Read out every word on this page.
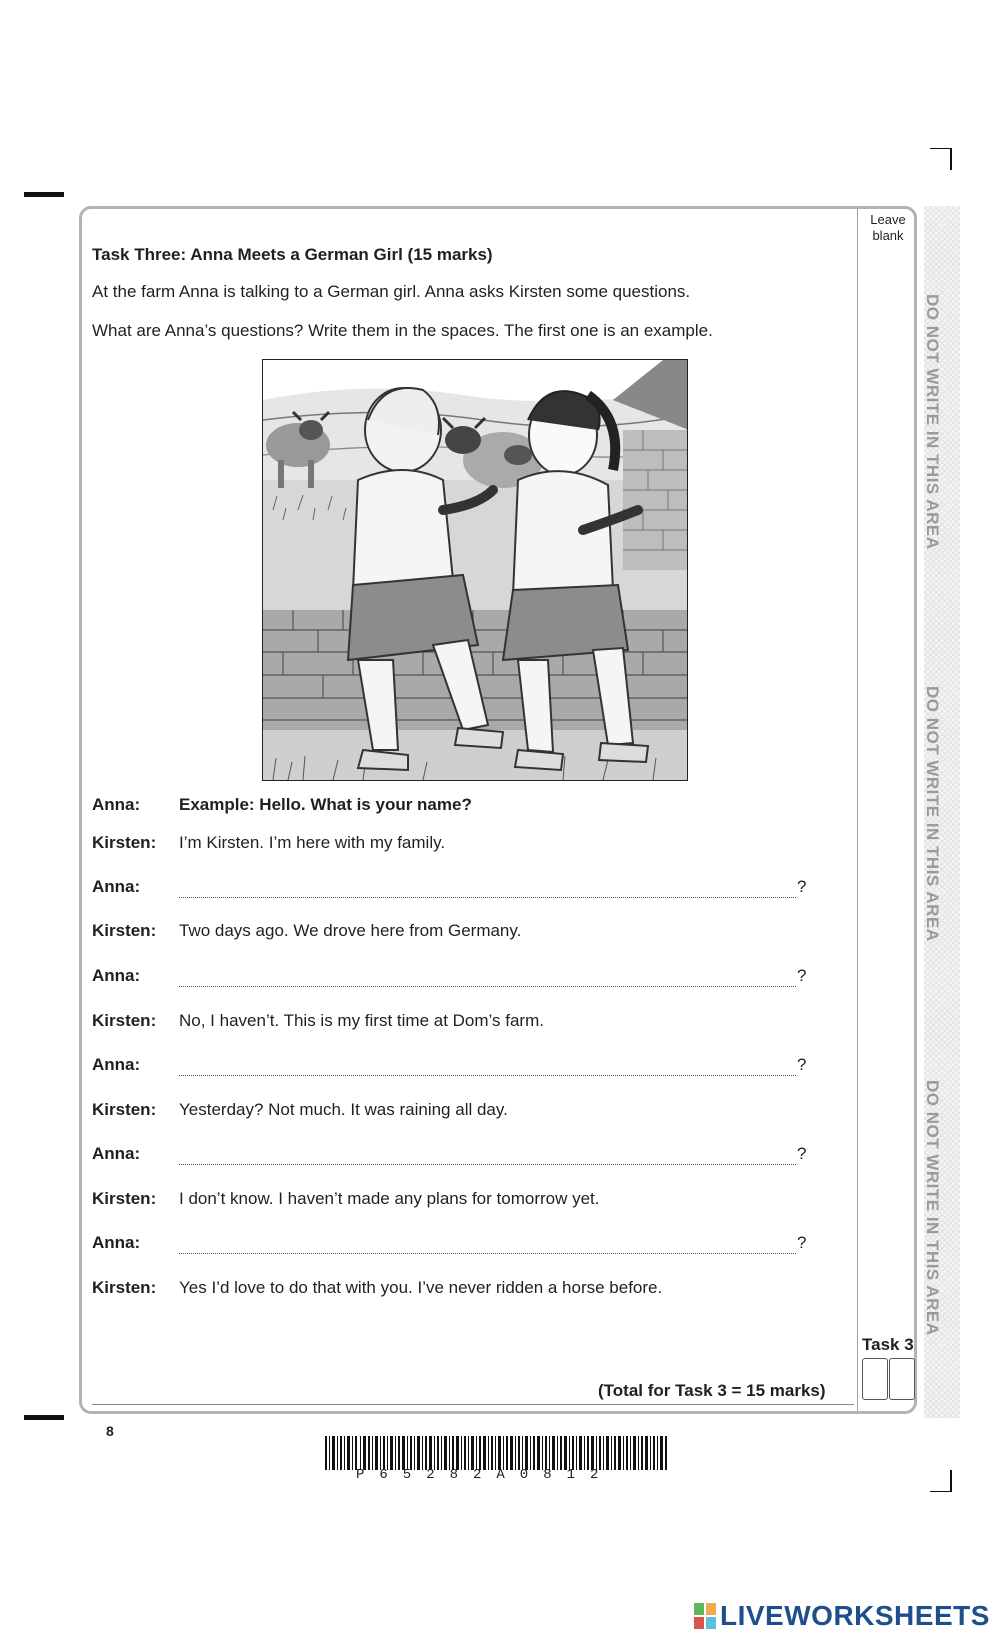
DO NOT WRITE IN THIS AREA
DO NOT WRITE IN THIS AREA
DO NOT WRITE IN THIS AREA
Leave
blank
Task Three: Anna Meets a German Girl (15 marks)
At the farm Anna is talking to a German girl. Anna asks Kirsten some questions.
What are Anna’s questions? Write them in the spaces. The first one is an example.
Anna: Example: Hello. What is your name?
Kirsten: I’m Kirsten. I’m here with my family.
Anna:	?
Kirsten: Two days ago. We drove here from Germany.
Anna:	?
Kirsten: No, I haven’t. This is my first time at Dom’s farm.
Anna:	?
Kirsten: Yesterday? Not much. It was raining all day.
Anna:	?
Kirsten: I don’t know. I haven’t made any plans for tomorrow yet.
Anna:	?
Kirsten: Yes I’d love to do that with you. I’ve never ridden a horse before.
Task 3
(Total for Task 3 = 15 marks)
8
P65282A0812
LIVEWORKSHEETS
